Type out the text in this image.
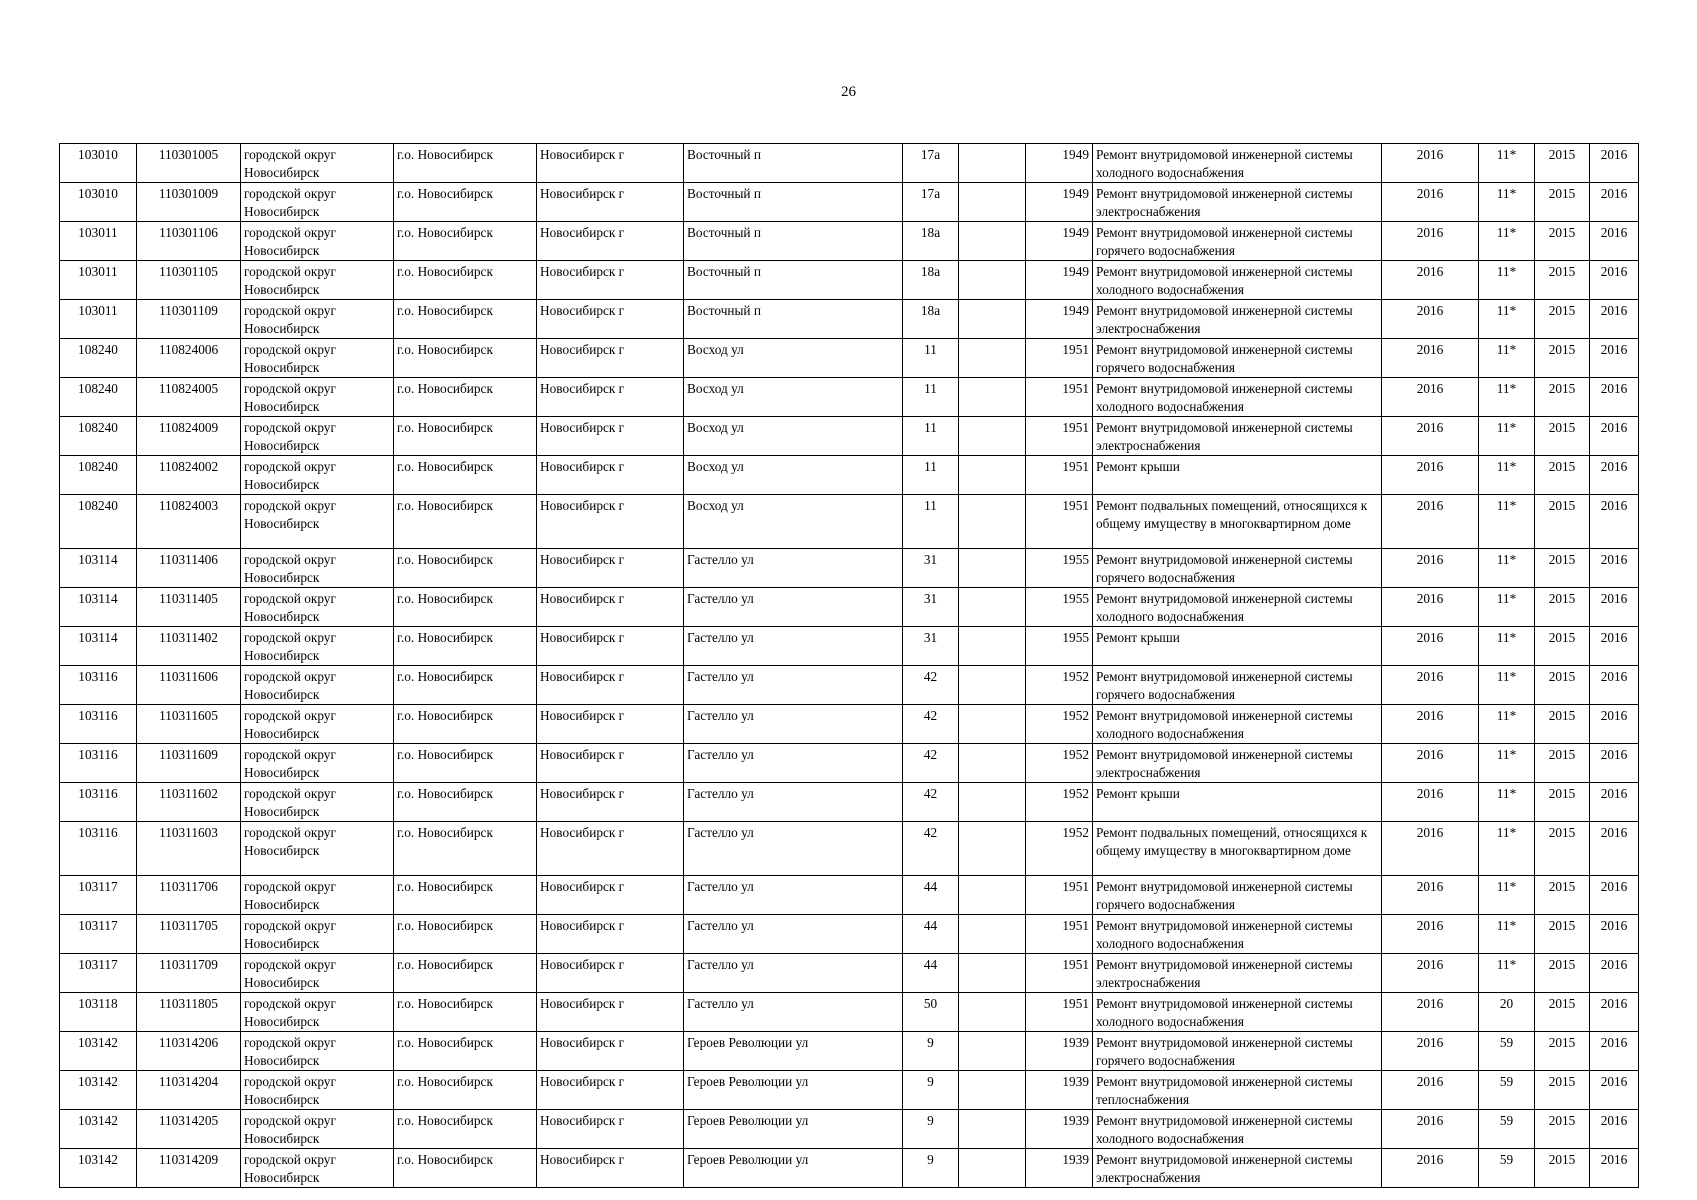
26
103010	110301005	городской округ Новосибирск	г.о. Новосибирск	Новосибирск г	Восточный п	17а		1949	Ремонт внутридомовой инженерной системы холодного водоснабжения	2016	11*	2015	2016
103010	110301009	городской округ Новосибирск	г.о. Новосибирск	Новосибирск г	Восточный п	17а		1949	Ремонт внутридомовой инженерной системы электроснабжения	2016	11*	2015	2016
103011	110301106	городской округ Новосибирск	г.о. Новосибирск	Новосибирск г	Восточный п	18а		1949	Ремонт внутридомовой инженерной системы горячего водоснабжения	2016	11*	2015	2016
103011	110301105	городской округ Новосибирск	г.о. Новосибирск	Новосибирск г	Восточный п	18а		1949	Ремонт внутридомовой инженерной системы холодного водоснабжения	2016	11*	2015	2016
103011	110301109	городской округ Новосибирск	г.о. Новосибирск	Новосибирск г	Восточный п	18а		1949	Ремонт внутридомовой инженерной системы электроснабжения	2016	11*	2015	2016
108240	110824006	городской округ Новосибирск	г.о. Новосибирск	Новосибирск г	Восход ул	11		1951	Ремонт внутридомовой инженерной системы горячего водоснабжения	2016	11*	2015	2016
108240	110824005	городской округ Новосибирск	г.о. Новосибирск	Новосибирск г	Восход ул	11		1951	Ремонт внутридомовой инженерной системы холодного водоснабжения	2016	11*	2015	2016
108240	110824009	городской округ Новосибирск	г.о. Новосибирск	Новосибирск г	Восход ул	11		1951	Ремонт внутридомовой инженерной системы электроснабжения	2016	11*	2015	2016
108240	110824002	городской округ Новосибирск	г.о. Новосибирск	Новосибирск г	Восход ул	11		1951	Ремонт крыши	2016	11*	2015	2016
108240	110824003	городской округ Новосибирск	г.о. Новосибирск	Новосибирск г	Восход ул	11		1951	Ремонт подвальных помещений, относящихся к общему имуществу в многоквартирном доме	2016	11*	2015	2016
103114	110311406	городской округ Новосибирск	г.о. Новосибирск	Новосибирск г	Гастелло ул	31		1955	Ремонт внутридомовой инженерной системы горячего водоснабжения	2016	11*	2015	2016
103114	110311405	городской округ Новосибирск	г.о. Новосибирск	Новосибирск г	Гастелло ул	31		1955	Ремонт внутридомовой инженерной системы холодного водоснабжения	2016	11*	2015	2016
103114	110311402	городской округ Новосибирск	г.о. Новосибирск	Новосибирск г	Гастелло ул	31		1955	Ремонт крыши	2016	11*	2015	2016
103116	110311606	городской округ Новосибирск	г.о. Новосибирск	Новосибирск г	Гастелло ул	42		1952	Ремонт внутридомовой инженерной системы горячего водоснабжения	2016	11*	2015	2016
103116	110311605	городской округ Новосибирск	г.о. Новосибирск	Новосибирск г	Гастелло ул	42		1952	Ремонт внутридомовой инженерной системы холодного водоснабжения	2016	11*	2015	2016
103116	110311609	городской округ Новосибирск	г.о. Новосибирск	Новосибирск г	Гастелло ул	42		1952	Ремонт внутридомовой инженерной системы электроснабжения	2016	11*	2015	2016
103116	110311602	городской округ Новосибирск	г.о. Новосибирск	Новосибирск г	Гастелло ул	42		1952	Ремонт крыши	2016	11*	2015	2016
103116	110311603	городской округ Новосибирск	г.о. Новосибирск	Новосибирск г	Гастелло ул	42		1952	Ремонт подвальных помещений, относящихся к общему имуществу в многоквартирном доме	2016	11*	2015	2016
103117	110311706	городской округ Новосибирск	г.о. Новосибирск	Новосибирск г	Гастелло ул	44		1951	Ремонт внутридомовой инженерной системы горячего водоснабжения	2016	11*	2015	2016
103117	110311705	городской округ Новосибирск	г.о. Новосибирск	Новосибирск г	Гастелло ул	44		1951	Ремонт внутридомовой инженерной системы холодного водоснабжения	2016	11*	2015	2016
103117	110311709	городской округ Новосибирск	г.о. Новосибирск	Новосибирск г	Гастелло ул	44		1951	Ремонт внутридомовой инженерной системы электроснабжения	2016	11*	2015	2016
103118	110311805	городской округ Новосибирск	г.о. Новосибирск	Новосибирск г	Гастелло ул	50		1951	Ремонт внутридомовой инженерной системы холодного водоснабжения	2016	20	2015	2016
103142	110314206	городской округ Новосибирск	г.о. Новосибирск	Новосибирск г	Героев Революции ул	9		1939	Ремонт внутридомовой инженерной системы горячего водоснабжения	2016	59	2015	2016
103142	110314204	городской округ Новосибирск	г.о. Новосибирск	Новосибирск г	Героев Революции ул	9		1939	Ремонт внутридомовой инженерной системы теплоснабжения	2016	59	2015	2016
103142	110314205	городской округ Новосибирск	г.о. Новосибирск	Новосибирск г	Героев Революции ул	9		1939	Ремонт внутридомовой инженерной системы холодного водоснабжения	2016	59	2015	2016
103142	110314209	городской округ Новосибирск	г.о. Новосибирск	Новосибирск г	Героев Революции ул	9		1939	Ремонт внутридомовой инженерной системы электроснабжения	2016	59	2015	2016
